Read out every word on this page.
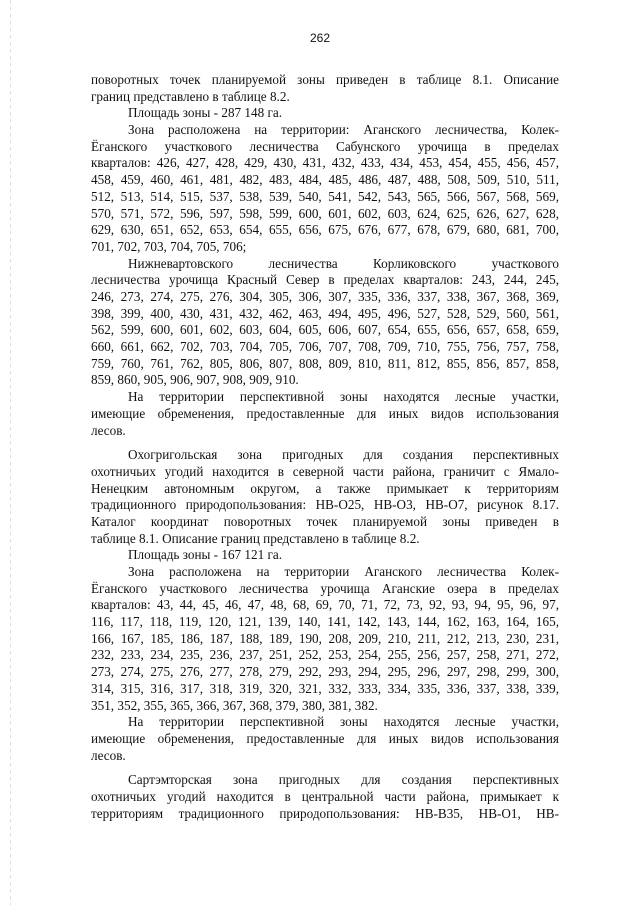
262
поворотных точек планируемой зоны приведен в таблице 8.1. Описание
границ представлено в таблице 8.2.
Площадь зоны - 287 148 га.
Зона расположена на территории: Аганского лесничества, Колек-
Ёганского участкового лесничества Сабунского урочища в пределах
кварталов: 426, 427, 428, 429, 430, 431, 432, 433, 434, 453, 454, 455, 456, 457,
458, 459, 460, 461, 481, 482, 483, 484, 485, 486, 487, 488, 508, 509, 510, 511,
512, 513, 514, 515, 537, 538, 539, 540, 541, 542, 543, 565, 566, 567, 568, 569,
570, 571, 572, 596, 597, 598, 599, 600, 601, 602, 603, 624, 625, 626, 627, 628,
629, 630, 651, 652, 653, 654, 655, 656, 675, 676, 677, 678, 679, 680, 681, 700,
701, 702, 703, 704, 705, 706;
Нижневартовского лесничества Корликовского участкового
лесничества урочища Красный Север в пределах кварталов: 243, 244, 245,
246, 273, 274, 275, 276, 304, 305, 306, 307, 335, 336, 337, 338, 367, 368, 369,
398, 399, 400, 430, 431, 432, 462, 463, 494, 495, 496, 527, 528, 529, 560, 561,
562, 599, 600, 601, 602, 603, 604, 605, 606, 607, 654, 655, 656, 657, 658, 659,
660, 661, 662, 702, 703, 704, 705, 706, 707, 708, 709, 710, 755, 756, 757, 758,
759, 760, 761, 762, 805, 806, 807, 808, 809, 810, 811, 812, 855, 856, 857, 858,
859, 860, 905, 906, 907, 908, 909, 910.
На территории перспективной зоны находятся лесные участки,
имеющие обременения, предоставленные для иных видов использования
лесов.
Охогригольская зона пригодных для создания перспективных
охотничьих угодий находится в северной части района, граничит с Ямало-
Ненецким автономным округом, а также примыкает к территориям
традиционного природопользования: НВ-О25, НВ-О3, НВ-О7, рисунок 8.17.
Каталог координат поворотных точек планируемой зоны приведен в
таблице 8.1. Описание границ представлено в таблице 8.2.
Площадь зоны - 167 121 га.
Зона расположена на территории Аганского лесничества Колек-
Ёганского участкового лесничества урочища Аганские озера в пределах
кварталов: 43, 44, 45, 46, 47, 48, 68, 69, 70, 71, 72, 73, 92, 93, 94, 95, 96, 97,
116, 117, 118, 119, 120, 121, 139, 140, 141, 142, 143, 144, 162, 163, 164, 165,
166, 167, 185, 186, 187, 188, 189, 190, 208, 209, 210, 211, 212, 213, 230, 231,
232, 233, 234, 235, 236, 237, 251, 252, 253, 254, 255, 256, 257, 258, 271, 272,
273, 274, 275, 276, 277, 278, 279, 292, 293, 294, 295, 296, 297, 298, 299, 300,
314, 315, 316, 317, 318, 319, 320, 321, 332, 333, 334, 335, 336, 337, 338, 339,
351, 352, 355, 365, 366, 367, 368, 379, 380, 381, 382.
На территории перспективной зоны находятся лесные участки,
имеющие обременения, предоставленные для иных видов использования
лесов.
Сартэмторская зона пригодных для создания перспективных
охотничьих угодий находится в центральной части района, примыкает к
территориям традиционного природопользования: НВ-В35, НВ-О1, НВ-
